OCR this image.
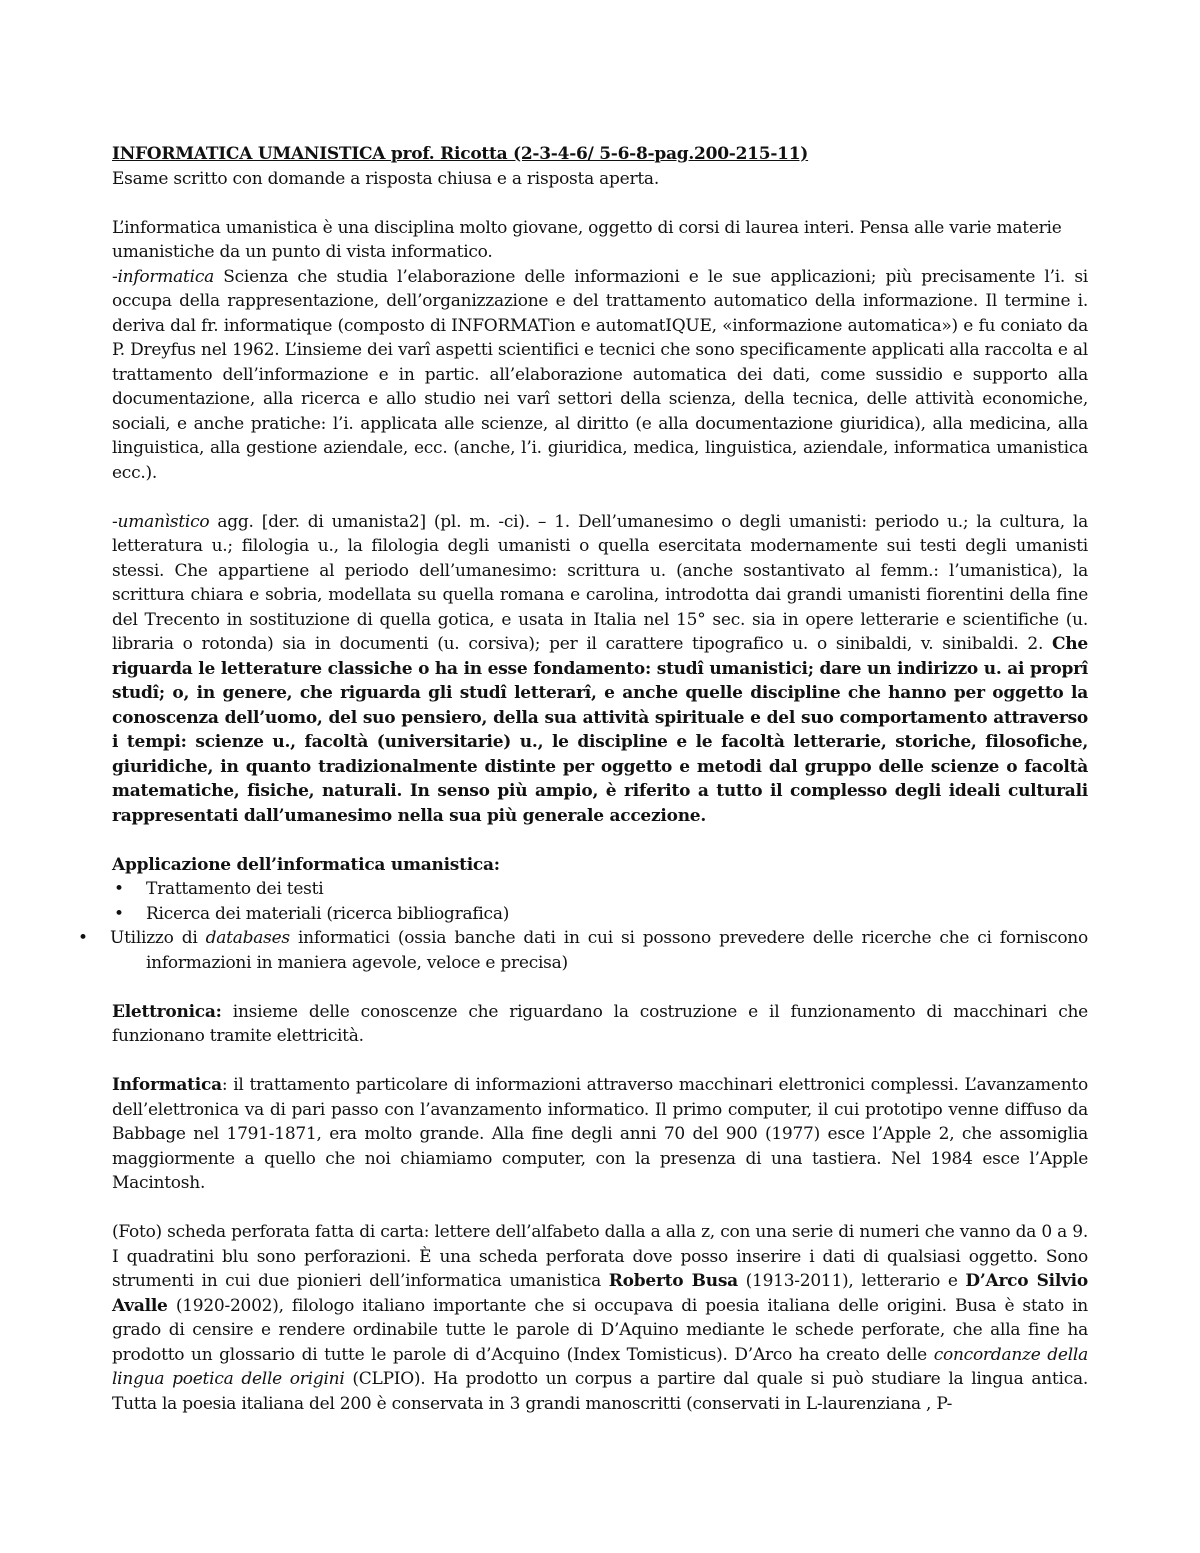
INFORMATICA UMANISTICA prof. Ricotta (2-3-4-6/ 5-6-8-pag.200-215-11)

Esame scritto con domande a risposta chiusa e a risposta aperta.

L’informatica umanistica è una disciplina molto giovane, oggetto di corsi di laurea interi. Pensa alle varie materie umanistiche da un punto di vista informatico.

-informatica Scienza che studia l’elaborazione delle informazioni e le sue applicazioni; più precisamente l’i. si occupa della rappresentazione, dell’organizzazione e del trattamento automatico della informazione. Il termine i. deriva dal fr. informatique (composto di INFORMATion e automatIQUE, «informazione automatica») e fu coniato da P. Dreyfus nel 1962. L’insieme dei varî aspetti scientifici e tecnici che sono specificamente applicati alla raccolta e al trattamento dell’informazione e in partic. all’elaborazione automatica dei dati, come sussidio e supporto alla documentazione, alla ricerca e allo studio nei varî settori della scienza, della tecnica, delle attività economiche, sociali, e anche pratiche: l’i. applicata alle scienze, al diritto (e alla documentazione giuridica), alla medicina, alla linguistica, alla gestione aziendale, ecc. (anche, l’i. giuridica, medica, linguistica, aziendale, informatica umanistica ecc.).

-umanìstico agg. [der. di umanista2] (pl. m. -ci). – 1. Dell’umanesimo o degli umanisti: periodo u.; la cultura, la letteratura u.; filologia u., la filologia degli umanisti o quella esercitata modernamente sui testi degli umanisti stessi. Che appartiene al periodo dell’umanesimo: scrittura u. (anche sostantivato al femm.: l’umanistica), la scrittura chiara e sobria, modellata su quella romana e carolina, introdotta dai grandi umanisti fiorentini della fine del Trecento in sostituzione di quella gotica, e usata in Italia nel 15° sec. sia in opere letterarie e scientifiche (u. libraria o rotonda) sia in documenti (u. corsiva); per il carattere tipografico u. o sinibaldi, v. sinibaldi. 2. Che riguarda le letterature classiche o ha in esse fondamento: studî umanistici; dare un indirizzo u. ai proprî studî; o, in genere, che riguarda gli studî letterarî, e anche quelle discipline che hanno per oggetto la conoscenza dell’uomo, del suo pensiero, della sua attività spirituale e del suo comportamento attraverso i tempi: scienze u., facoltà (universitarie) u., le discipline e le facoltà letterarie, storiche, filosofiche, giuridiche, in quanto tradizionalmente distinte per oggetto e metodi dal gruppo delle scienze o facoltà matematiche, fisiche, naturali. In senso più ampio, è riferito a tutto il complesso degli ideali culturali rappresentati dall’umanesimo nella sua più generale accezione.

Applicazione dell’informatica umanistica:

• Trattamento dei testi
• Ricerca dei materiali (ricerca bibliografica)
•	Utilizzo di databases informatici (ossia banche dati in cui si possono prevedere delle ricerche che ci forniscono informazioni in maniera agevole, veloce e precisa)

Elettronica: insieme delle conoscenze che riguardano la costruzione e il funzionamento di macchinari che funzionano tramite elettricità.

Informatica: il trattamento particolare di informazioni attraverso macchinari elettronici complessi. L’avanzamento dell’elettronica va di pari passo con l’avanzamento informatico. Il primo computer, il cui prototipo venne diffuso da Babbage nel 1791-1871, era molto grande. Alla fine degli anni 70 del 900 (1977) esce l’Apple 2, che assomiglia maggiormente a quello che noi chiamiamo computer, con la presenza di una tastiera. Nel 1984 esce l’Apple Macintosh.

(Foto) scheda perforata fatta di carta: lettere dell’alfabeto dalla a alla z, con una serie di numeri che vanno da 0 a 9. I quadratini blu sono perforazioni. È una scheda perforata dove posso inserire i dati di qualsiasi oggetto. Sono strumenti in cui due pionieri dell’informatica umanistica Roberto Busa (1913-2011), letterario e D’Arco Silvio Avalle (1920-2002), filologo italiano importante che si occupava di poesia italiana delle origini. Busa è stato in grado di censire e rendere ordinabile tutte le parole di D’Aquino mediante le schede perforate, che alla fine ha prodotto un glossario di tutte le parole di d’Acquino (Index Tomisticus). D’Arco ha creato delle concordanze della lingua poetica delle origini (CLPIO). Ha prodotto un corpus a partire dal quale si può studiare la lingua antica. Tutta la poesia italiana del 200 è conservata in 3 grandi manoscritti (conservati in L-laurenziana , P-
